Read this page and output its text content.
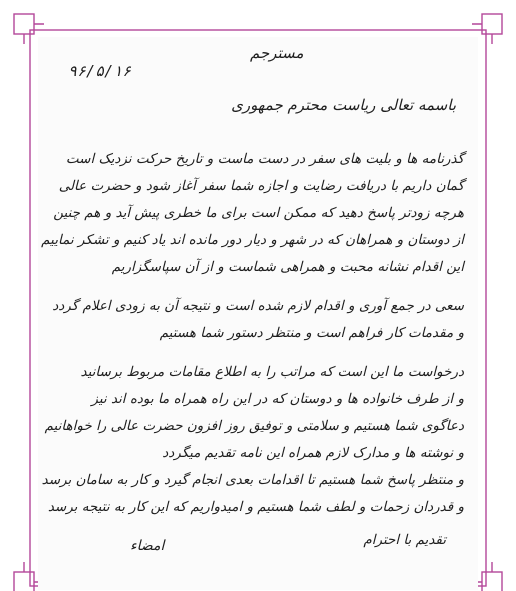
مسترجم

۹۶/۵/۱۶

باسمه تعالی ریاست محترم جمهوری

گذرنامه ها و بلیت های سفر در دست ماست و تاریخ حرکت نزدیک است

گمان داریم با دریافت رضایت و اجازه شما سفر آغاز شود و حضرت عالی

هرچه زودتر پاسخ دهید که ممکن است برای ما خطری پیش آید و هم چنین

از دوستان و همراهان که در شهر و دیار دور مانده اند یاد کنیم و تشکر نماییم

این اقدام نشانه محبت و همراهی شماست و از آن سپاسگزاریم

سعی در جمع آوری و اقدام لازم شده است و نتیجه آن به زودی اعلام گردد

و مقدمات کار فراهم است و منتظر دستور شما هستیم

درخواست ما این است که مراتب را به اطلاع مقامات مربوط برسانید

و از طرف خانواده ها و دوستان که در این راه همراه ما بوده اند نیز

دعاگوی شما هستیم و سلامتی و توفیق روز افزون حضرت عالی را خواهانیم

و نوشته ها و مدارک لازم همراه این نامه تقدیم میگردد

و منتظر پاسخ شما هستیم تا اقدامات بعدی انجام گیرد و کار به سامان برسد

و قدردان زحمات و لطف شما هستیم و امیدواریم که این کار به نتیجه برسد

تقدیم با احترام

امضاء
